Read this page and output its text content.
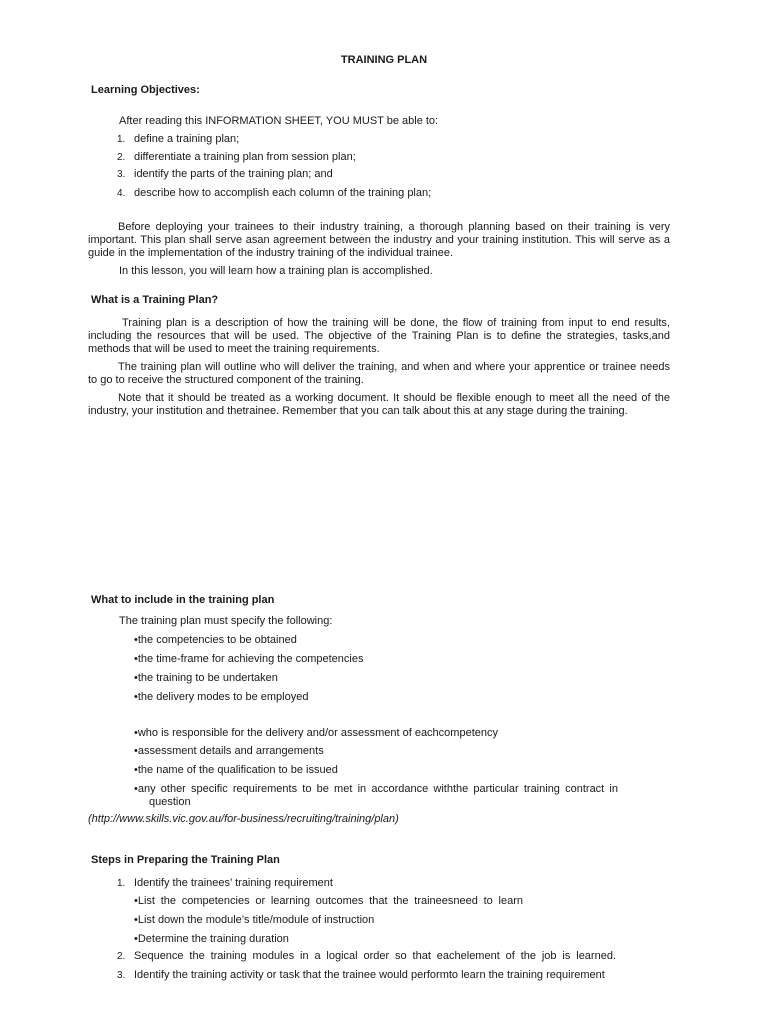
TRAINING PLAN
Learning Objectives:
After reading this INFORMATION SHEET, YOU MUST be able to:
1. define a training plan;
2. differentiate a training plan from session plan;
3. identify the parts of the training plan; and
4. describe how to accomplish each column of the training plan;

Before deploying your trainees to their industry training, a thorough planning based on their training is very important. This plan shall serve asan agreement between the industry and your training institution. This will serve as a guide in the implementation of the industry training of the individual trainee.

In this lesson, you will learn how a training plan is accomplished.
What is a Training Plan?

Training plan is a description of how the training will be done, the flow of training from input to end results, including the resources that will be used. The objective of the Training Plan is to define the strategies, tasks,and methods that will be used to meet the training requirements.

The training plan will outline who will deliver the training, and when and where your apprentice or trainee needs to go to receive the structured component of the training.

Note that it should be treated as a working document. It should be flexible enough to meet all the need of the industry, your institution and thetrainee. Remember that you can talk about this at any stage during the training.

What to include in the training plan
The training plan must specify the following:
•the competencies to be obtained
•the time-frame for achieving the competencies
•the training to be undertaken
•the delivery modes to be employed
•who is responsible for the delivery and/or assessment of eachcompetency
•assessment details and arrangements
•the name of the qualification to be issued
•any other specific requirements to be met in accordance withthe particular training contract in
question
(http://www.skills.vic.gov.au/for-business/recruiting/training/plan)
Steps in Preparing the Training Plan
1. Identify the trainees’ training requirement
•List the competencies or learning outcomes that the traineesneed to learn
•List down the module’s title/module of instruction
•Determine the training duration
2. Sequence the training modules in a logical order so that eachelement of the job is learned.
3. Identify the training activity or task that the trainee would performto learn the training requirement
